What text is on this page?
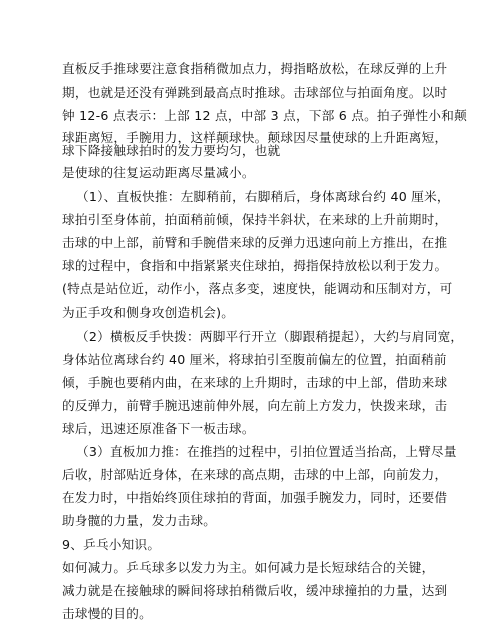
直板反手推球要注意食指稍微加点力，拇指略放松，在球反弹的上升
期，也就是还没有弹跳到最高点时推球。击球部位与拍面角度。以时
钟 12-6 点表示：上部 12 点，中部 3 点，下部 6 点。拍子弹性小和颠
球距离短，手腕用力，这样颠球快。颠球因尽量使球的上升距离短，
球下降接触球拍时的发力要均匀，也就
是使球的往复运动距离尽量减小。
（1）、直板快推：左脚稍前，右脚稍后，身体离球台约 40 厘米，
球拍引至身体前，拍面稍前倾，保持半斜状，在来球的上升前期时，
击球的中上部，前臂和手腕借来球的反弹力迅速向前上方推出，在推
球的过程中，食指和中指紧紧夹住球拍，拇指保持放松以利于发力。
(特点是站位近，动作小，落点多变，速度快，能调动和压制对方，可
为正手攻和侧身攻创造机会)。
（2）横板反手快拨：两脚平行开立（脚跟稍提起），大约与肩同宽，
身体站位离球台约 40 厘米，将球拍引至腹前偏左的位置，拍面稍前
倾，手腕也要稍内曲，在来球的上升期时，击球的中上部，借助来球
的反弹力，前臂手腕迅速前伸外展，向左前上方发力，快拨来球，击
球后，迅速还原准备下一板击球。
（3）直板加力推：在推挡的过程中，引拍位置适当抬高，上臂尽量
后收，肘部贴近身体，在来球的高点期，击球的中上部，向前发力，
在发力时，中指始终顶住球拍的背面，加强手腕发力，同时，还要借
助身髋的力量，发力击球。
9、乒乓小知识。
如何减力。乒乓球多以发力为主。如何减力是长短球结合的关键，
减力就是在接触球的瞬间将球拍稍微后收，缓冲球撞拍的力量，达到
击球慢的目的。
